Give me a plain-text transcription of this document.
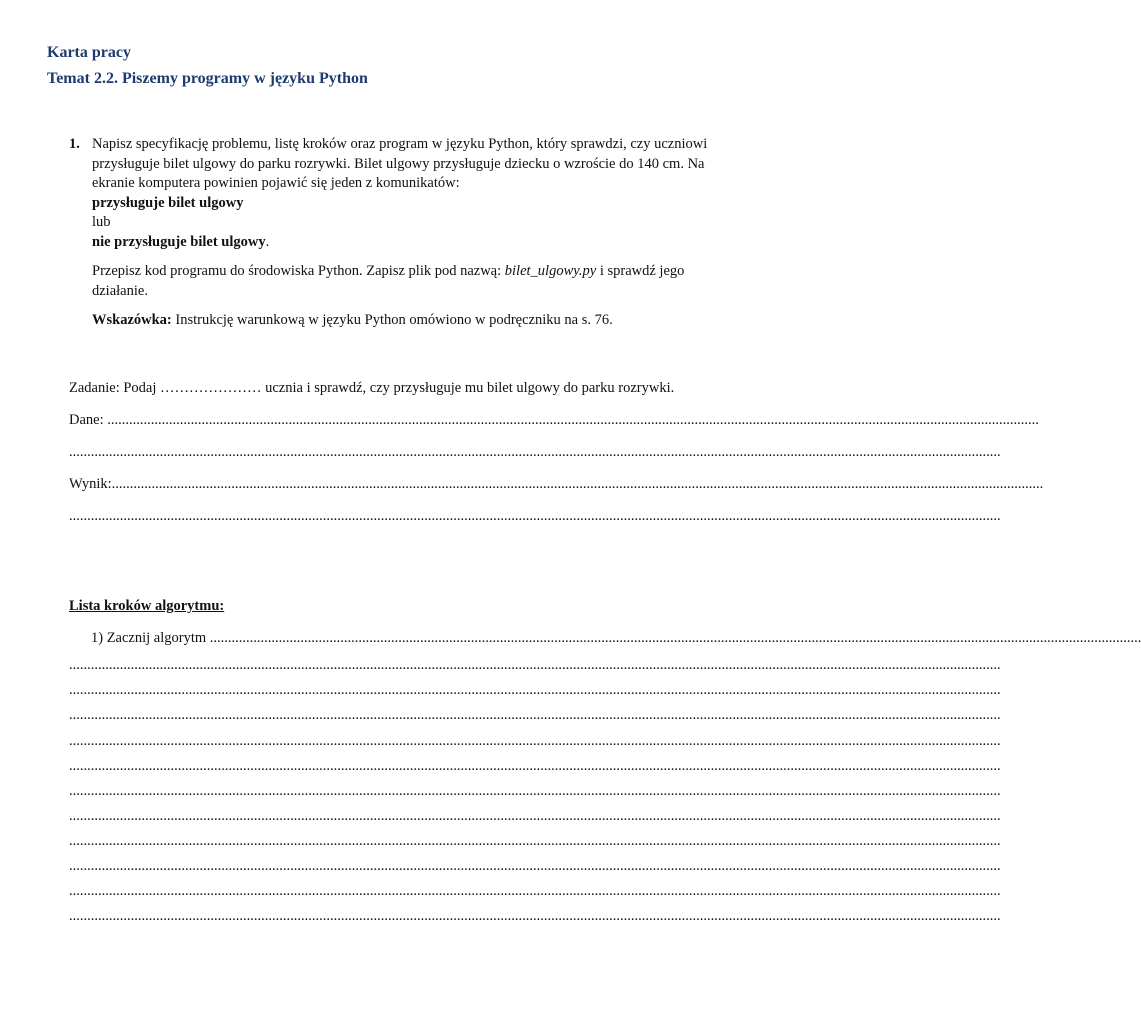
Karta pracy
Temat 2.2. Piszemy programy w języku Python
1. Napisz specyfikację problemu, listę kroków oraz program w języku Python, który sprawdzi, czy uczniowi przysługuje bilet ulgowy do parku rozrywki. Bilet ulgowy przysługuje dziecku o wzroście do 140 cm. Na ekranie komputera powinien pojawić się jeden z komunikatów:

przysługuje bilet ulgowy

lub

nie przysługuje bilet ulgowy.

Przepisz kod programu do środowiska Python. Zapisz plik pod nazwą: bilet_ulgowy.py i sprawdź jego działanie.

Wskazówka: Instrukcję warunkową w języku Python omówiono w podręczniku na s. 76.

Zadanie: Podaj ………………… ucznia i sprawdź, czy przysługuje mu bilet ulgowy do parku rozrywki.
Dane: .................................................................................................................................................................................................................................................................
.................................................................................................................................................................................................................................................................
Wynik:.................................................................................................................................................................................................................................................................
.................................................................................................................................................................................................................................................................
Lista kroków algorytmu:
1) Zacznij algorytm .................................................................................................................................................................................................................................................................
.................................................................................................................................................................................................................................................................
.................................................................................................................................................................................................................................................................
.................................................................................................................................................................................................................................................................
.................................................................................................................................................................................................................................................................
.................................................................................................................................................................................................................................................................
.................................................................................................................................................................................................................................................................
.................................................................................................................................................................................................................................................................
.................................................................................................................................................................................................................................................................
.................................................................................................................................................................................................................................................................
.................................................................................................................................................................................................................................................................
.................................................................................................................................................................................................................................................................
